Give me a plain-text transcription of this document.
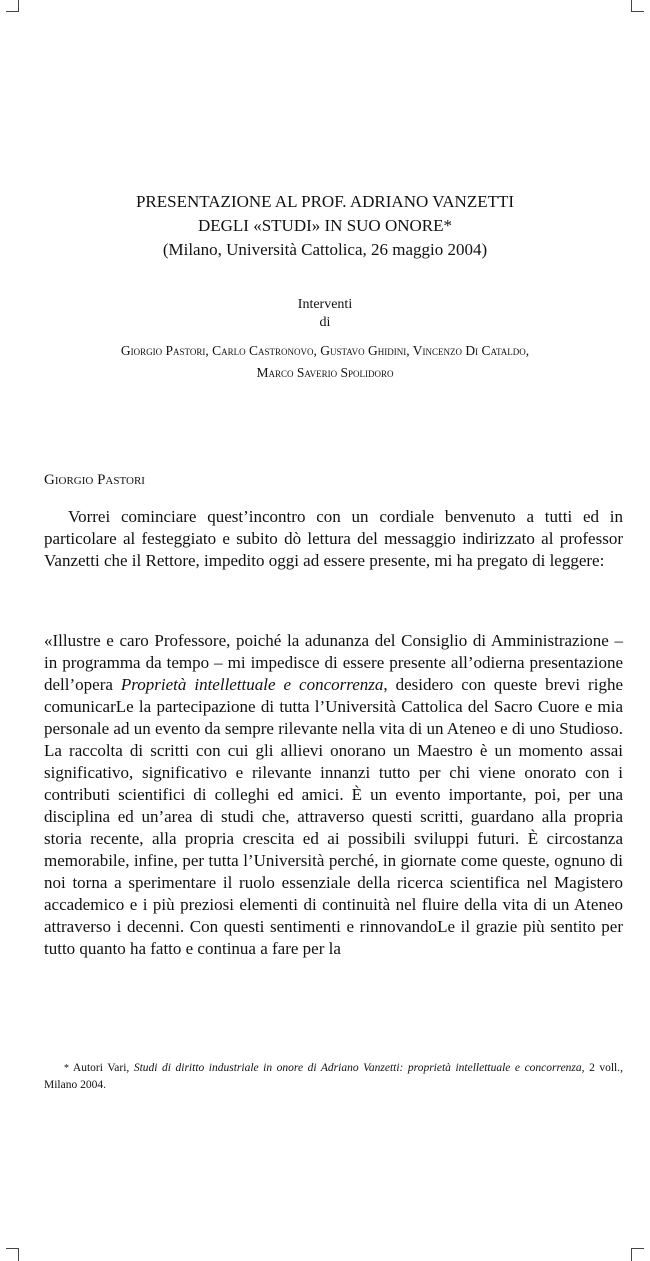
PRESENTAZIONE AL PROF. ADRIANO VANZETTI
DEGLI «STUDI» IN SUO ONORE*
(Milano, Università Cattolica, 26 maggio 2004)
Interventi
di
Giorgio Pastori, Carlo Castronovo, Gustavo Ghidini, Vincenzo Di Cataldo,
Marco Saverio Spolidoro
Giorgio Pastori

Vorrei cominciare quest’incontro con un cordiale benvenuto a tutti ed in particolare al festeggiato e subito dò lettura del messaggio indirizzato al professor Vanzetti che il Rettore, impedito oggi ad essere presente, mi ha pregato di leggere:

«Illustre e caro Professore, poiché la adunanza del Consiglio di Amministrazione – in programma da tempo – mi impedisce di essere presente all’odierna presentazione dell’opera Proprietà intellettuale e concorrenza, desidero con queste brevi righe comunicarLe la partecipazione di tutta l’Università Cattolica del Sacro Cuore e mia personale ad un evento da sempre rilevante nella vita di un Ateneo e di uno Studioso. La raccolta di scritti con cui gli allievi onorano un Maestro è un momento assai significativo, significativo e rilevante innanzi tutto per chi viene onorato con i contributi scientifici di colleghi ed amici. È un evento importante, poi, per una disciplina ed un’area di studi che, attraverso questi scritti, guardano alla propria storia recente, alla propria crescita ed ai possibili sviluppi futuri. È circostanza memorabile, infine, per tutta l’Università perché, in giornate come queste, ognuno di noi torna a sperimentare il ruolo essenziale della ricerca scientifica nel Magistero accademico e i più preziosi elementi di continuità nel fluire della vita di un Ateneo attraverso i decenni. Con questi sentimenti e rinnovandoLe il grazie più sentito per tutto quanto ha fatto e continua a fare per la

* Autori Vari, Studi di diritto industriale in onore di Adriano Vanzetti: proprietà intellettuale e concorrenza, 2 voll., Milano 2004.
